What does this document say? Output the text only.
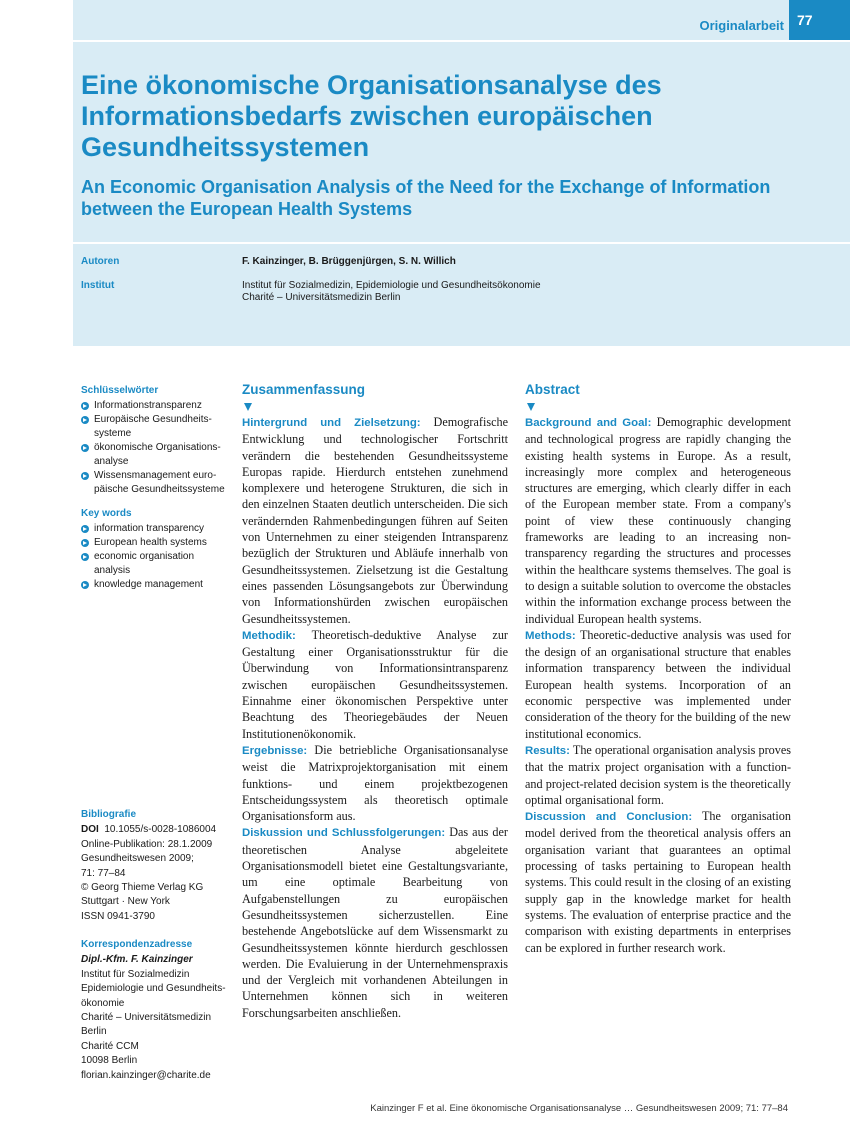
Originalarbeit 77
Eine ökonomische Organisationsanalyse des Informationsbedarfs zwischen europäischen Gesundheitssystemen
An Economic Organisation Analysis of the Need for the Exchange of Information between the European Health Systems
Autoren	F. Kainzinger, B. Brüggenjürgen, S. N. Willich
Institut	Institut für Sozialmedizin, Epidemiologie und Gesundheitsökonomie
Charité – Universitätsmedizin Berlin
Schlüsselwörter
Informationstransparenz
Europäische Gesundheits-systeme
ökonomische Organisations-analyse
Wissensmanagement euro-päische Gesundheitssysteme
Key words
information transparency
European health systems
economic organisation analysis
knowledge management
Bibliografie
DOI 10.1055/s-0028-1086004
Online-Publikation: 28.1.2009
Gesundheitswesen 2009;
71: 77–84
© Georg Thieme Verlag KG
Stuttgart · New York
ISSN 0941-3790
Korrespondenzadresse
Dipl.-Kfm. F. Kainzinger
Institut für Sozialmedizin
Epidemiologie und Gesundheits-ökonomie
Charité – Universitätsmedizin Berlin
Charité CCM
10098 Berlin
florian.kainzinger@charite.de
Zusammenfassung

Hintergrund und Zielsetzung: Demografische Entwicklung und technologischer Fortschritt verändern die bestehenden Gesundheitssysteme Europas rapide. Hierdurch entstehen zunehmend komplexere und heterogene Strukturen, die sich in den einzelnen Staaten deutlich unterscheiden. Die sich verändernden Rahmenbedingungen führen auf Seiten von Unternehmen zu einer steigenden Intransparenz bezüglich der Strukturen und Abläufe innerhalb von Gesundheitssystemen. Zielsetzung ist die Gestaltung eines passenden Lösungsangebots zur Überwindung von Informationshürden zwischen europäischen Gesundheitssystemen.

Methodik: Theoretisch-deduktive Analyse zur Gestaltung einer Organisationsstruktur für die Überwindung von Informationsintransparenz zwischen europäischen Gesundheitssystemen. Einnahme einer ökonomischen Perspektive unter Beachtung des Theoriegebäudes der Neuen Institutionenökonomik.

Ergebnisse: Die betriebliche Organisationsanalyse weist die Matrixprojektorganisation mit einem funktions- und einem projektbezogenen Entscheidungssystem als theoretisch optimale Organisationsform aus.

Diskussion und Schlussfolgerungen: Das aus der theoretischen Analyse abgeleitete Organisationsmodell bietet eine Gestaltungsvariante, um eine optimale Bearbeitung von Aufgabenstellungen zu europäischen Gesundheitssystemen sicherzustellen. Eine bestehende Angebotslücke auf dem Wissensmarkt zu Gesundheitssystemen könnte hierdurch geschlossen werden. Die Evaluierung in der Unternehmenspraxis und der Vergleich mit vorhandenen Abteilungen in Unternehmen können sich in weiteren Forschungsarbeiten anschließen.

Abstract

Background and Goal: Demographic development and technological progress are rapidly changing the existing health systems in Europe. As a result, increasingly more complex and heterogeneous structures are emerging, which clearly differ in each of the European member state. From a company's point of view these continuously changing frameworks are leading to an increasing non-transparency regarding the structures and processes within the healthcare systems themselves. The goal is to design a suitable solution to overcome the obstacles within the information exchange process between the individual European health systems.

Methods: Theoretic-deductive analysis was used for the design of an organisational structure that enables information transparency between the individual European health systems. Incorporation of an economic perspective was implemented under consideration of the theory for the building of the new institutional economics.

Results: The operational organisation analysis proves that the matrix project organisation with a function- and project-related decision system is the theoretically optimal organisational form.

Discussion and Conclusion: The organisation model derived from the theoretical analysis offers an organisation variant that guarantees an optimal processing of tasks pertaining to European health systems. This could result in the closing of an existing supply gap in the knowledge market for health systems. The evaluation of enterprise practice and the comparison with existing departments in enterprises can be explored in further research work.

Kainzinger F et al. Eine ökonomische Organisationsanalyse … Gesundheitswesen 2009; 71: 77–84
